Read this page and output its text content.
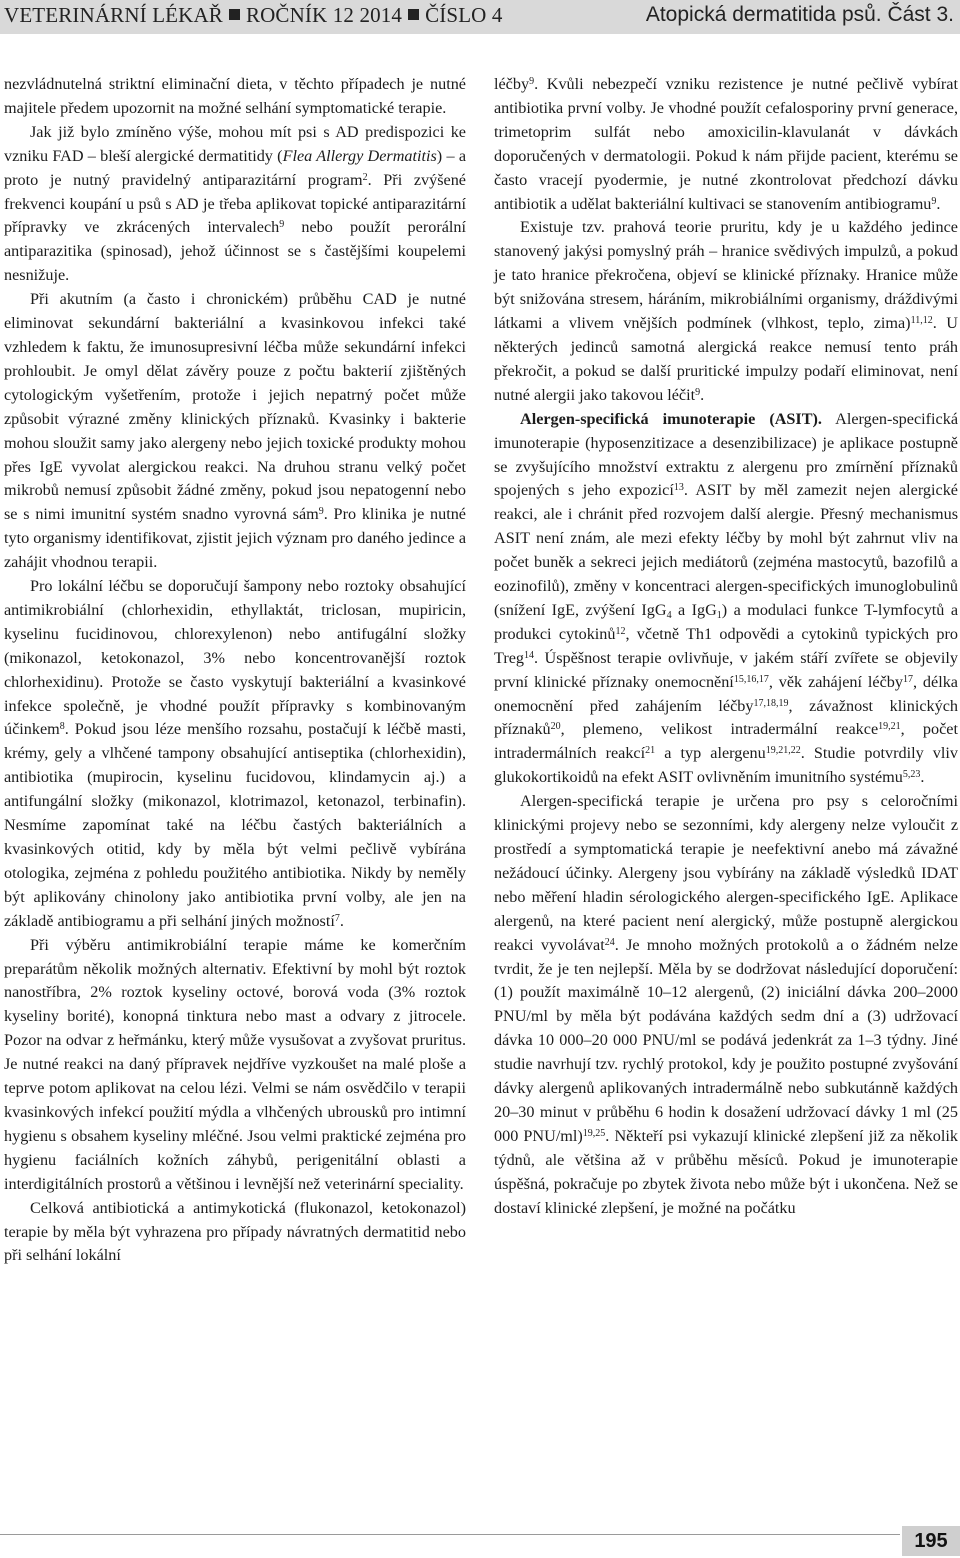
VETERINÁRNÍ LÉKAŘ ROČNÍK 12 2014 ČÍSLO 4	Atopická dermatitida psů. Část 3.

nezvládnutelná striktní eliminační dieta, v těchto případech je nutné majitele předem upozornit na možné selhání symptomatické terapie.

Jak již bylo zmíněno výše, mohou mít psi s AD predispozici ke vzniku FAD – bleší alergické dermatitidy (Flea Allergy Dermatitis) – a proto je nutný pravidelný antiparazitární program$^2$. Při zvýšené frekvenci koupání u psů s AD je třeba aplikovat topické antiparazitární přípravky ve zkrácených intervalech$^9$ nebo použít perorální antiparazitika (spinosad), jehož účinnost se s častějšími koupelemi nesnižuje.

Při akutním (a často i chronickém) průběhu CAD je nutné eliminovat sekundární bakteriální a kvasinkovou infekci také vzhledem k faktu, že imunosupresivní léčba může sekundární infekci prohloubit. Je omyl dělat závěry pouze z počtu bakterií zjištěných cytologickým vyšetřením, protože i jejich nepatrný počet může způsobit výrazné změny klinických příznaků. Kvasinky i bakterie mohou sloužit samy jako alergeny nebo jejich toxické produkty mohou přes IgE vyvolat alergickou reakci. Na druhou stranu velký počet mikrobů nemusí způsobit žádné změny, pokud jsou nepatogenní nebo se s nimi imunitní systém snadno vyrovná sám$^9$. Pro klinika je nutné tyto organismy identifikovat, zjistit jejich význam pro daného jedince a zahájit vhodnou terapii.

Pro lokální léčbu se doporučují šampony nebo roztoky obsahující antimikrobiální (chlorhexidin, ethyllaktát, triclosan, mupiricin, kyselinu fucidinovou, chlorexylenon) nebo antifugální složky (mikonazol, ketokonazol, 3% nebo koncentrovanější roztok chlorhexidinu). Protože se často vyskytují bakteriální a kvasinkové infekce společně, je vhodné použít přípravky s kombinovaným účinkem$^8$. Pokud jsou léze menšího rozsahu, postačují k léčbě masti, krémy, gely a vlhčené tampony obsahující antiseptika (chlorhexidin), antibiotika (mupirocin, kyselinu fucidovou, klindamycin aj.) a antifungální složky (mikonazol, klotrimazol, ketonazol, terbinafin). Nesmíme zapomínat také na léčbu častých bakteriálních a kvasinkových otitid, kdy by měla být velmi pečlivě vybírána otologika, zejména z pohledu použitého antibiotika. Nikdy by neměly být aplikovány chinolony jako antibiotika první volby, ale jen na základě antibiogramu a při selhání jiných možností$^7$.

Při výběru antimikrobiální terapie máme ke komerčním preparátům několik možných alternativ. Efektivní by mohl být roztok nanostříbra, 2% roztok kyseliny octové, borová voda (3% roztok kyseliny borité), konopná tinktura nebo mast a odvary z jitrocele. Pozor na odvar z heřmánku, který může vysušovat a zvyšovat pruritus. Je nutné reakci na daný přípravek nejdříve vyzkoušet na malé ploše a teprve potom aplikovat na celou lézi. Velmi se nám osvědčilo v terapii kvasinkových infekcí použití mýdla a vlhčených ubrousků pro intimní hygienu s obsahem kyseliny mléčné. Jsou velmi praktické zejména pro hygienu faciálních kožních záhybů, perigenitální oblasti a interdigitálních prostorů a většinou i levnější než veterinární speciality.

Celková antibiotická a antimykotická (flukonazol, ketokonazol) terapie by měla být vyhrazena pro případy návratných dermatitid nebo při selhání lokální

léčby$^9$. Kvůli nebezpečí vzniku rezistence je nutné pečlivě vybírat antibiotika první volby. Je vhodné použít cefalosporiny první generace, trimetoprim sulfát nebo amoxicilin-klavulanát v dávkách doporučených v dermatologii. Pokud k nám přijde pacient, kterému se často vracejí pyodermie, je nutné zkontrolovat předchozí dávku antibiotik a udělat bakteriální kultivaci se stanovením antibiogramu$^9$.

Existuje tzv. prahová teorie pruritu, kdy je u každého jedince stanovený jakýsi pomyslný práh – hranice svědivých impulzů, a pokud je tato hranice překročena, objeví se klinické příznaky. Hranice může být snižována stresem, háráním, mikrobiálními organismy, dráždivými látkami a vlivem vnějších podmínek (vlhkost, teplo, zima)$^{11,12}$. U některých jedinců samotná alergická reakce nemusí tento práh překročit, a pokud se další pruritické impulzy podaří eliminovat, není nutné alergii jako takovou léčit$^9$.

Alergen-specifická imunoterapie (ASIT). Alergen-specifická imunoterapie (hyposenzitizace a desenzibilizace) je aplikace postupně se zvyšujícího množství extraktu z alergenu pro zmírnění příznaků spojených s jeho expozicí$^{13}$. ASIT by měl zamezit nejen alergické reakci, ale i chránit před rozvojem další alergie. Přesný mechanismus ASIT není znám, ale mezi efekty léčby by mohl být zahrnut vliv na počet buněk a sekreci jejich mediátorů (zejména mastocytů, bazofilů a eozinofilů), změny v koncentraci alergen-specifických imunoglobulinů (snížení IgE, zvýšení IgG$_4$ a IgG$_1$) a modulaci funkce T-lymfocytů a produkci cytokinů$^{12}$, včetně Th1 odpovědi a cytokinů typických pro Treg$^{14}$. Úspěšnost terapie ovlivňuje, v jakém stáří zvířete se objevily první klinické příznaky onemocnění$^{15,16,17}$, věk zahájení léčby$^{17}$, délka onemocnění před zahájením léčby$^{17,18,19}$, závažnost klinických příznaků$^{20}$, plemeno, velikost intradermální reakce$^{19,21}$, počet intradermálních reakcí$^{21}$ a typ alergenu$^{19,21,22}$. Studie potvrdily vliv glukokortikoidů na efekt ASIT ovlivněním imunitního systému$^{5,23}$.

Alergen-specifická terapie je určena pro psy s celoročními klinickými projevy nebo se sezonními, kdy alergeny nelze vyloučit z prostředí a symptomatická terapie je neefektivní anebo má závažné nežádoucí účinky. Alergeny jsou vybírány na základě výsledků IDAT nebo měření hladin sérologického alergen-specifického IgE. Aplikace alergenů, na které pacient není alergický, může postupně alergickou reakci vyvolávat$^{24}$. Je mnoho možných protokolů a o žádném nelze tvrdit, že je ten nejlepší. Měla by se dodržovat následující doporučení: (1) použít maximálně 10–12 alergenů, (2) iniciální dávka 200–2000 PNU/ml by měla být podávána každých sedm dní a (3) udržovací dávka 10 000–20 000 PNU/ml se podává jedenkrát za 1–3 týdny. Jiné studie navrhují tzv. rychlý protokol, kdy je použito postupné zvyšování dávky alergenů aplikovaných intradermálně nebo subkutánně každých 20–30 minut v průběhu 6 hodin k dosažení udržovací dávky 1 ml (25 000 PNU/ml)$^{19,25}$. Někteří psi vykazují klinické zlepšení již za několik týdnů, ale většina až v průběhu měsíců. Pokud je imunoterapie úspěšná, pokračuje po zbytek života nebo může být i ukončena. Než se dostaví klinické zlepšení, je možné na počátku

195
